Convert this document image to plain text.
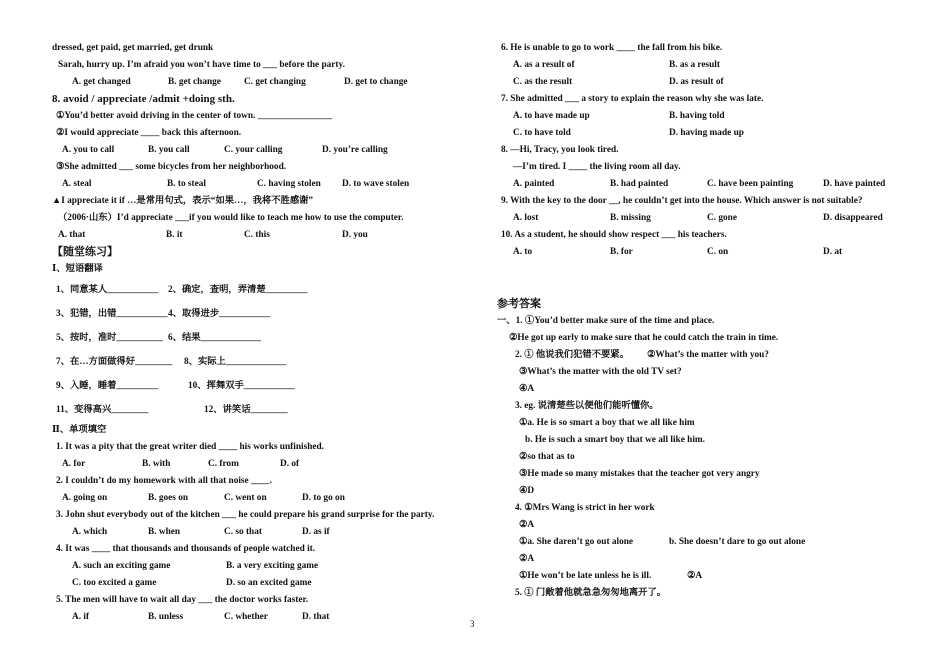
dressed, get paid, get married, get drunk
Sarah, hurry up. I’m afraid you won’t have time to ___ before the party.
A. get changed	B. get change C. get changing	D. get to change
8. avoid / appreciate /admit +doing sth.
①You’d better avoid driving in the center of town. ________________
②I would appreciate ____ back this afternoon.
A. you to call	B. you call	C. your calling	D. you’re calling
③She admitted ___ some bicycles from her neighborhood.
A. steal	B. to steal	C. having stolen D. to wave stolen
▲I appreciate it if …是常用句式，表示“如果…，我将不胜感谢”
（2006·山东）I’d appreciate ___if you would like to teach me how to use the computer.
A. that	B. it	C. this	D. you
【随堂练习】
Ⅰ、短语翻译
1、同意某人___________ 2、确定，查明，弄清楚_________
3、犯错，出错___________ 4、取得进步___________
5、按时，准时__________ 6、结果_____________
7、在…方面做得好________ 8、实际上_____________
9、入睡，睡着_________	10、挥舞双手___________
11、变得高兴________	12、讲笑话________
Ⅱ、单项填空
1. It was a pity that the great writer died ____ his works unfinished.
A. for	B. with	C. from	D. of
2. I couldn’t do my homework with all that noise ____.
A. going on	B. goes on	C. went on	D. to go on
3. John shut everybody out of the kitchen ___ he could prepare his grand surprise for the party.
A. which	B. when	C. so that	D. as if
4. It was ____ that thousands and thousands of people watched it.
A. such an exciting game	B. a very exciting game
C. too excited a game	D. so an excited game
5. The men will have to wait all day ___ the doctor works faster.
A. if	B. unless	C. whether	D. that
6. He is unable to go to work ____ the fall from his bike.
A. as a result of	B. as a result
C. as the result	D. as result of
7. She admitted ___ a story to explain the reason why she was late.
A. to have made up	B. having told
C. to have told	D. having made up
8. —Hi, Tracy, you look tired.
—I’m tired. I ____ the living room all day.
A. painted	B. had painted	C. have been painting	D. have painted
9. With the key to the door __, he couldn’t get into the house. Which answer is not suitable?
A. lost	B. missing	C. gone	D. disappeared
10. As a student, he should show respect ___ his teachers.
A. to	B. for	C. on	D. at
参考答案
一、1. ①You’d better make sure of the time and place.
②He got up early to make sure that he could catch the train in time.
2. ① 他说我们犯错不要紧。 ②What’s the matter with you?
③What’s the matter with the old TV set?
④A
3. eg. 说清楚些以便他们能听懂你。
①a. He is so smart a boy that we all like him
b. He is such a smart boy that we all like him.
②so that as to
③He made so many mistakes that the teacher got very angry
④D
4. ①Mrs Wang is strict in her work
②A
①a. She daren’t go out alone	b. She doesn’t dare to go out alone
②A
①He won’t be late unless he is ill.	②A
5. ① 门敞着他就急急匆匆地离开了。
3
